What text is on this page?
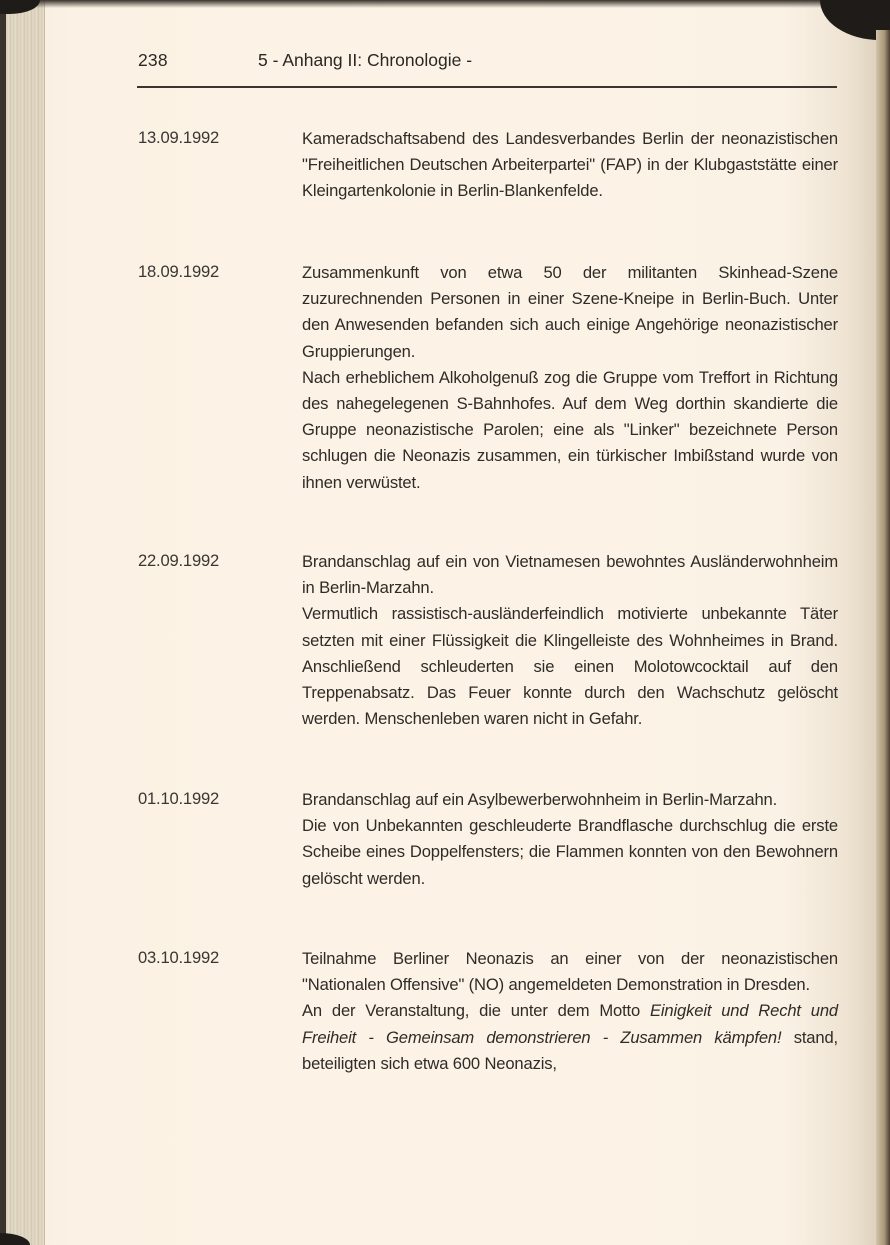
238	5 - Anhang II: Chronologie -
13.09.1992	Kameradschaftsabend des Landesverbandes Berlin der neonazistischen "Freiheitlichen Deutschen Arbeiterpartei" (FAP) in der Klubgaststätte einer Kleingartenkolonie in Berlin-Blankenfelde.

18.09.1992	Zusammenkunft von etwa 50 der militanten Skinhead-Szene zuzurechnenden Personen in einer Szene-Kneipe in Berlin-Buch. Unter den Anwesenden befanden sich auch einige Angehörige neonazistischer Gruppierungen.

Nach erheblichem Alkoholgenuß zog die Gruppe vom Treffort in Richtung des nahegelegenen S-Bahnhofes. Auf dem Weg dorthin skandierte die Gruppe neonazistische Parolen; eine als "Linker" bezeichnete Person schlugen die Neonazis zusammen, ein türkischer Imbißstand wurde von ihnen verwüstet.

22.09.1992	Brandanschlag auf ein von Vietnamesen bewohntes Ausländerwohnheim in Berlin-Marzahn.

Vermutlich rassistisch-ausländerfeindlich motivierte unbekannte Täter setzten mit einer Flüssigkeit die Klingelleiste des Wohnheimes in Brand. Anschließend schleuderten sie einen Molotowcocktail auf den Treppenabsatz. Das Feuer konnte durch den Wachschutz gelöscht werden. Menschenleben waren nicht in Gefahr.

01.10.1992	Brandanschlag auf ein Asylbewerberwohnheim in Berlin-Marzahn.

Die von Unbekannten geschleuderte Brandflasche durchschlug die erste Scheibe eines Doppelfensters; die Flammen konnten von den Bewohnern gelöscht werden.

03.10.1992	Teilnahme Berliner Neonazis an einer von der neonazistischen "Nationalen Offensive" (NO) angemeldeten Demonstration in Dresden.

An der Veranstaltung, die unter dem Motto Einigkeit und Recht und Freiheit - Gemeinsam demonstrieren - Zusammen kämpfen! stand, beteiligten sich etwa 600 Neonazis,
